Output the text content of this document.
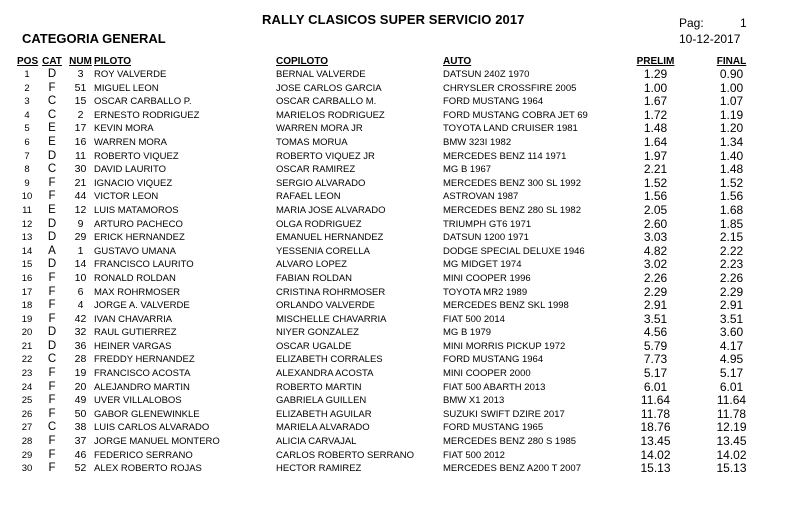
RALLY CLASICOS SUPER SERVICIO 2017
CATEGORIA GENERAL
Pag:	1
10-12-2017
POS	CAT	NUM	PILOTO	COPILOTO	AUTO	PRELIM	FINAL
1	D	3	ROY VALVERDE	BERNAL VALVERDE	DATSUN 240Z 1970	1.29	0.90
2	F	51	MIGUEL LEON	JOSE CARLOS GARCIA	CHRYSLER CROSSFIRE 2005	1.00	1.00
3	C	15	OSCAR CARBALLO P.	OSCAR CARBALLO M.	FORD MUSTANG 1964	1.67	1.07
4	C	2	ERNESTO RODRIGUEZ	MARIELOS RODRIGUEZ	FORD MUSTANG COBRA JET 69	1.72	1.19
5	E	17	KEVIN MORA	WARREN MORA JR	TOYOTA LAND CRUISER 1981	1.48	1.20
6	E	16	WARREN MORA	TOMAS MORUA	BMW 323I 1982	1.64	1.34
7	D	11	ROBERTO VIQUEZ	ROBERTO VIQUEZ JR	MERCEDES BENZ 114 1971	1.97	1.40
8	C	30	DAVID LAURITO	OSCAR RAMIREZ	MG B 1967	2.21	1.48
9	F	21	IGNACIO VIQUEZ	SERGIO ALVARADO	MERCEDES BENZ 300 SL 1992	1.52	1.52
10	F	44	VICTOR LEON	RAFAEL LEON	ASTROVAN 1987	1.56	1.56
11	E	12	LUIS MATAMOROS	MARIA JOSE ALVARADO	MERCEDES BENZ 280 SL 1982	2.05	1.68
12	D	9	ARTURO PACHECO	OLGA RODRIGUEZ	TRIUMPH GT6 1971	2.60	1.85
13	D	29	ERICK HERNANDEZ	EMANUEL HERNANDEZ	DATSUN 1200 1971	3.03	2.15
14	A	1	GUSTAVO UMANA	YESSENIA CORELLA	DODGE SPECIAL DELUXE 1946	4.82	2.22
15	D	14	FRANCISCO LAURITO	ALVARO LOPEZ	MG MIDGET 1974	3.02	2.23
16	F	10	RONALD ROLDAN	FABIAN ROLDAN	MINI COOPER 1996	2.26	2.26
17	F	6	MAX ROHRMOSER	CRISTINA ROHRMOSER	TOYOTA MR2 1989	2.29	2.29
18	F	4	JORGE A. VALVERDE	ORLANDO VALVERDE	MERCEDES BENZ SKL 1998	2.91	2.91
19	F	42	IVAN CHAVARRIA	MISCHELLE CHAVARRIA	FIAT 500 2014	3.51	3.51
20	D	32	RAUL GUTIERREZ	NIYER GONZALEZ	MG B 1979	4.56	3.60
21	D	36	HEINER VARGAS	OSCAR UGALDE	MINI MORRIS PICKUP 1972	5.79	4.17
22	C	28	FREDDY HERNANDEZ	ELIZABETH CORRALES	FORD MUSTANG 1964	7.73	4.95
23	F	19	FRANCISCO ACOSTA	ALEXANDRA ACOSTA	MINI COOPER 2000	5.17	5.17
24	F	20	ALEJANDRO MARTIN	ROBERTO MARTIN	FIAT 500 ABARTH 2013	6.01	6.01
25	F	49	UVER VILLALOBOS	GABRIELA GUILLEN	BMW X1 2013	11.64	11.64
26	F	50	GABOR GLENEWINKLE	ELIZABETH AGUILAR	SUZUKI SWIFT DZIRE 2017	11.78	11.78
27	C	38	LUIS CARLOS ALVARADO	MARIELA ALVARADO	FORD MUSTANG 1965	18.76	12.19
28	F	37	JORGE MANUEL MONTERO	ALICIA CARVAJAL	MERCEDES BENZ 280 S 1985	13.45	13.45
29	F	46	FEDERICO SERRANO	CARLOS ROBERTO SERRANO	FIAT 500 2012	14.02	14.02
30	F	52	ALEX ROBERTO ROJAS	HECTOR RAMIREZ	MERCEDES BENZ A200 T 2007	15.13	15.13
